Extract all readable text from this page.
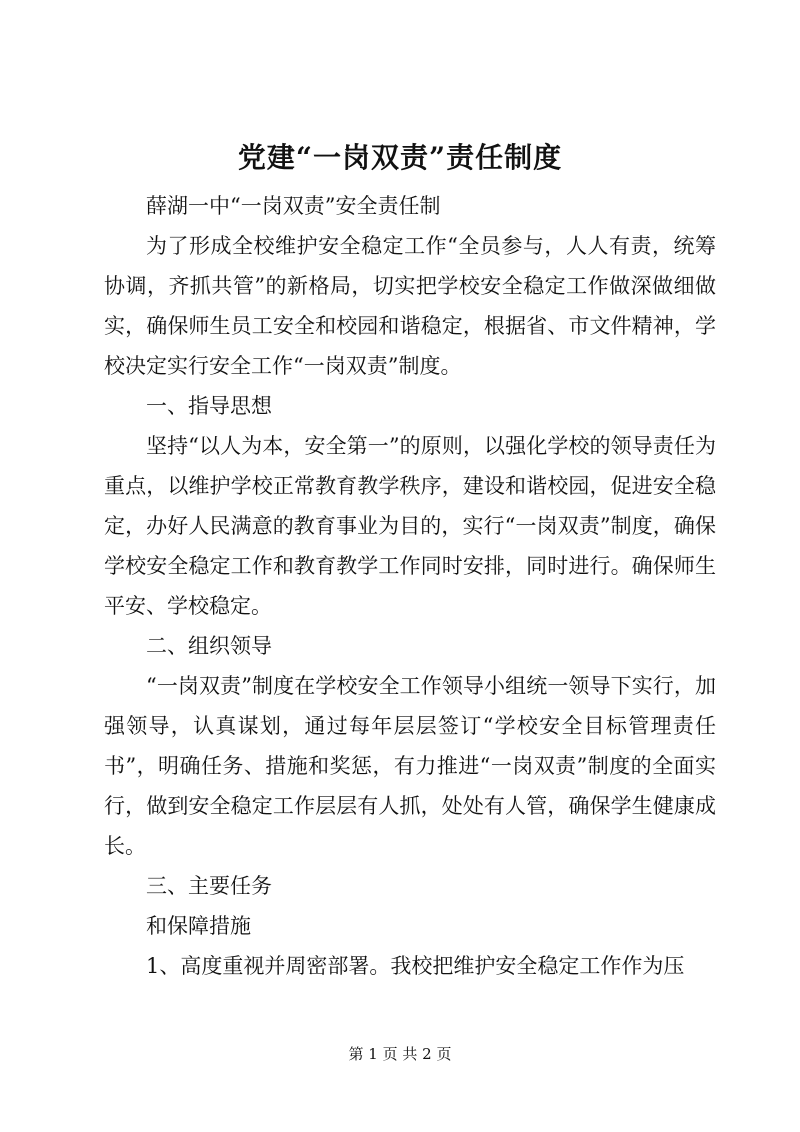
党建“一岗双责”责任制度

薛湖一中“一岗双责”安全责任制

为了形成全校维护安全稳定工作“全员参与，人人有责，统筹协调，齐抓共管”的新格局，切实把学校安全稳定工作做深做细做实，确保师生员工安全和校园和谐稳定，根据省、市文件精神，学校决定实行安全工作“一岗双责”制度。

一、指导思想

坚持“以人为本，安全第一”的原则，以强化学校的领导责任为重点，以维护学校正常教育教学秩序，建设和谐校园，促进安全稳定，办好人民满意的教育事业为目的，实行“一岗双责”制度，确保学校安全稳定工作和教育教学工作同时安排，同时进行。确保师生平安、学校稳定。

二、组织领导

“一岗双责”制度在学校安全工作领导小组统一领导下实行，加强领导，认真谋划，通过每年层层签订“学校安全目标管理责任书”，明确任务、措施和奖惩，有力推进“一岗双责”制度的全面实行，做到安全稳定工作层层有人抓，处处有人管，确保学生健康成长。

三、主要任务

和保障措施

1、高度重视并周密部署。我校把维护安全稳定工作作为压

第 1 页 共 2 页
